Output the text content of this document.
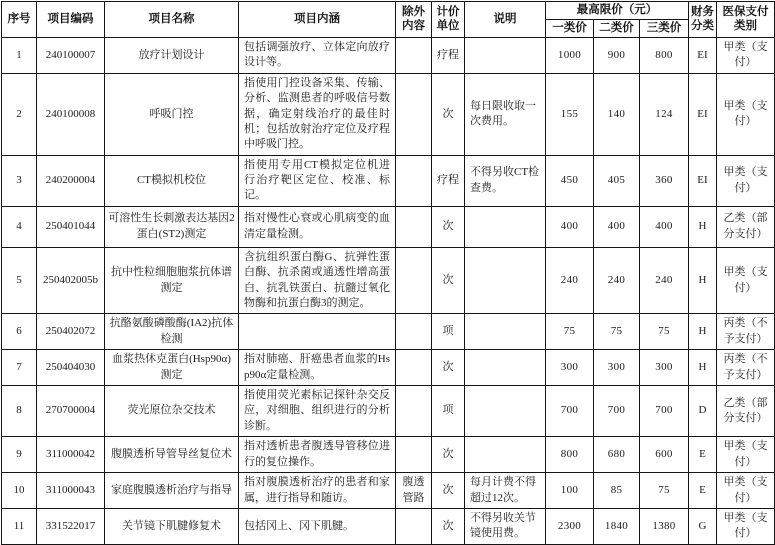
序号	项目编码	项目名称	项目内涵	除外内容	计价单位	说明	最高限价（元）			财务分类	医保支付类别
							一类价	二类价	三类价		
1	240100007	放疗计划设计	包括调强放疗、立体定向放疗设计等。		疗程		1000	900	800	EI	甲类（支付）
2	240100008	呼吸门控	指使用门控设备采集、传输、分析、监测患者的呼吸信号数据，确定射线治疗的最佳时机；包括放射治疗定位及疗程中呼吸门控。		次	每日限收取一次费用。	155	140	124	EI	甲类（支付）
3	240200004	CT模拟机校位	指使用专用CT模拟定位机进行治疗靶区定位、校准、标记。		疗程	不得另收CT检查费。	450	405	360	EI	甲类（支付）
4	250401044	可溶性生长刺激表达基因2蛋白(ST2)测定	指对慢性心衰或心肌病变的血清定量检测。		次		400	400	400	H	乙类（部分支付）
5	250402005b	抗中性粒细胞胞浆抗体谱测定	含抗组织蛋白酶G、抗弹性蛋白酶、抗杀菌或通透性增高蛋白、抗乳铁蛋白、抗髓过氧化物酶和抗蛋白酶3的测定。		次		240	240	240	H	甲类（支付）
6	250402072	抗酪氨酸磷酸酶(IA2)抗体检测			项		75	75	75	H	丙类（不予支付）
7	250404030	血浆热休克蛋白(Hsp90α)测定	指对肺癌、肝癌患者血浆的Hsp90α定量检测。		次		300	300	300	H	丙类（不予支付）
8	270700004	荧光原位杂交技术	指使用荧光素标记探针杂交反应，对细胞、组织进行的分析诊断。		项		700	700	700	D	乙类（部分支付）
9	311000042	腹膜透析导管导丝复位术	指对透析患者腹透导管移位进行的复位操作。		次		800	680	600	E	甲类（支付）
10	311000043	家庭腹膜透析治疗与指导	指对腹膜透析治疗的患者和家属，进行指导和随访。	腹透管路	次	每月计费不得超过12次。	100	85	75	E	甲类（支付）
11	331522017	关节镜下肌腱修复术	包括冈上、冈下肌腱。		次	不得另收关节镜使用费。	2300	1840	1380	G	甲类（支付）
